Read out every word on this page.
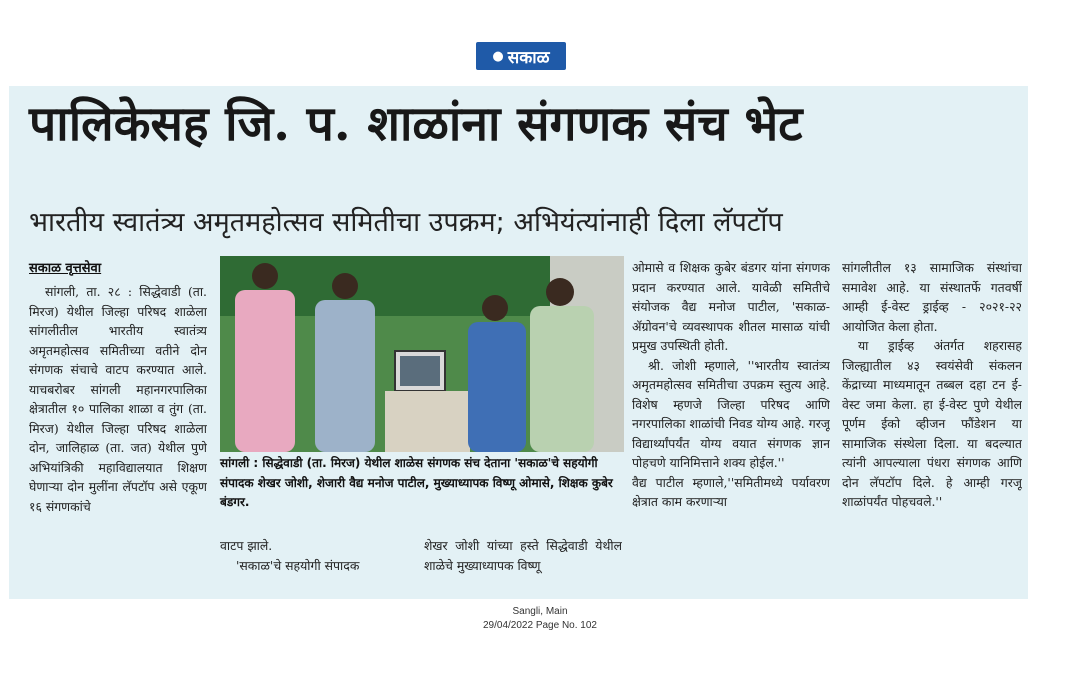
● सकाळ
पालिकेसह जि. प. शाळांना संगणक संच भेट
भारतीय स्वातंत्र्य अमृतमहोत्सव समितीचा उपक्रम; अभियंत्यांनाही दिला लॅपटॉप
सकाळ वृत्तसेवा

सांगली, ता. २८ : सिद्धेवाडी (ता. मिरज) येथील जिल्हा परिषद शाळेला सांगलीतील भारतीय स्वातंत्र्य अमृतमहोत्सव समितीच्या वतीने दोन संगणक संचाचे वाटप करण्यात आले. याचबरोबर सांगली महानगरपालिका क्षेत्रातील १० पालिका शाळा व तुंग (ता. मिरज) येथील जिल्हा परिषद शाळेला दोन, जालिहाळ (ता. जत) येथील पुणे अभियांत्रिकी महाविद्यालयात शिक्षण घेणाऱ्या दोन मुलींना लॅपटॉप असे एकूण १६ संगणकांचे

सांगली : सिद्धेवाडी (ता. मिरज) येथील शाळेस संगणक संच देताना 'सकाळ'चे सहयोगी संपादक शेखर जोशी, शेजारी वैद्य मनोज पाटील, मुख्याध्यापक विष्णू ओमासे, शिक्षक कुबेर बंडगर.

वाटप झाले.

'सकाळ'चे सहयोगी संपादक

शेखर जोशी यांच्या हस्ते सिद्धेवाडी येथील शाळेचे मुख्याध्यापक विष्णू

ओमासे व शिक्षक कुबेर बंडगर यांना संगणक प्रदान करण्यात आले. यावेळी समितीचे संयोजक वैद्य मनोज पाटील, 'सकाळ-ॲग्रोवन'चे व्यवस्थापक शीतल मासाळ यांची प्रमुख उपस्थिती होती.

श्री. जोशी म्हणाले, ''भारतीय स्वातंत्र्य अमृतमहोत्सव समितीचा उपक्रम स्तुत्य आहे. विशेष म्हणजे जिल्हा परिषद आणि नगरपालिका शाळांची निवड योग्य आहे. गरजू विद्यार्थ्यांपर्यंत योग्य वयात संगणक ज्ञान पोहचणे यानिमित्ताने शक्य होईल.''

वैद्य पाटील म्हणाले,''समितीमध्ये पर्यावरण क्षेत्रात काम करणाऱ्या

सांगलीतील १३ सामाजिक संस्थांचा समावेश आहे. या संस्थातर्फे गतवर्षी आम्ही ई-वेस्ट ड्राईव्ह - २०२१-२२ आयोजित केला होता.

या ड्राईव्ह अंतर्गत शहरासह जिल्ह्यातील ४३ स्वयंसेवी संकलन केंद्राच्या माध्यमातून तब्बल दहा टन ई-वेस्ट जमा केला. हा ई-वेस्ट पुणे येथील पूर्णम ईको व्हीजन फौंडेशन या सामाजिक संस्थेला दिला. या बदल्यात त्यांनी आपल्याला पंधरा संगणक आणि दोन लॅपटॉप दिले. हे आम्ही गरजू शाळांपर्यंत पोहचवले.''

Sangli, Main
29/04/2022 Page No. 102
